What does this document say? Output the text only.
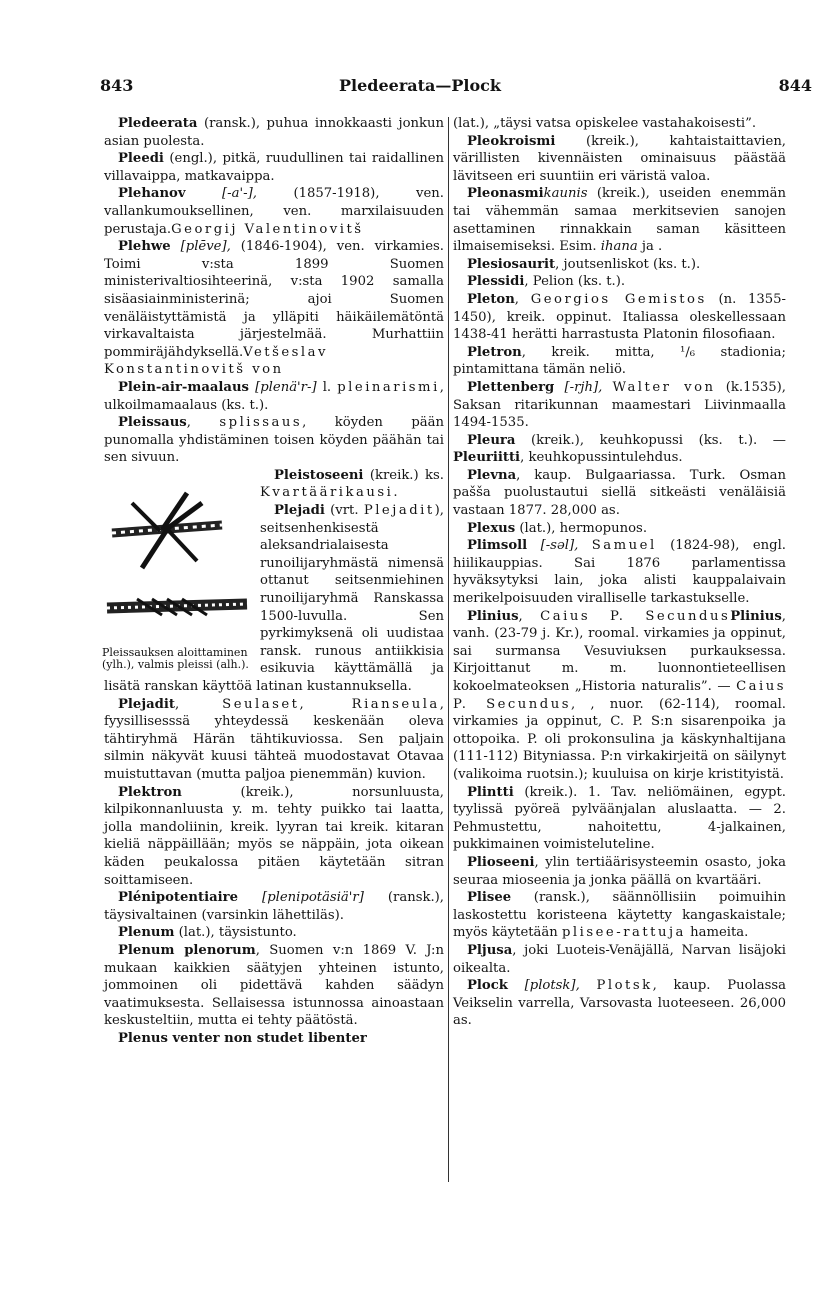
843	Pledeerata—Plock	844

Pledeerata (ransk.), puhua innokkaasti jonkun asian puolesta.

Pleedi (engl.), pitkä, ruudullinen tai raidallinen villavaippa, matkavaippa.

Plehanov [-a'-], (1857-1918), ven. vallankumouksellinen, ven. marxilaisuuden perustaja.Georgij Valentinovitš

Plehwe [plēve], (1846-1904), ven. virkamies. Toimi v:sta 1899 Suomen ministerivaltiosihteerinä, v:sta 1902 samalla sisäasiainministerinä; ajoi Suomen venäläistyttämistä ja ylläpiti häikäilemätöntä virkavaltaista järjestelmää. Murhattiin pommiräjähdyksellä.Vetšeslav Konstantinovitš von

Plein-air-maalaus [plenä'r-] l. pleinarismi, ulkoilmamaalaus (ks. t.).

Pleissaus, splissaus, köyden pään punomalla yhdistäminen toisen köyden päähän tai sen sivuun.

Pleissauksen aloittaminen (ylh.), valmis pleissi (alh.).

Pleistoseeni (kreik.) ks. Kvartäärikausi.

Plejadi (vrt. Plejadit), seitsenhenkisestä aleksandrialaisesta runoilijaryhmästä nimensä ottanut seitsenmiehinen runoilijaryhmä Ranskassa 1500-luvulla. Sen pyrkimyksenä oli uudistaa ransk. runous antiikkisia esikuvia käyttämällä ja lisätä ranskan käyttöä latinan kustannuksella.

Plejadit, Seulaset, Rianseula, fyysillisesssä yhteydessä keskenään oleva tähtiryhmä Härän tähtikuviossa. Sen paljain silmin näkyvät kuusi tähteä muodostavat Otavaa muistuttavan (mutta paljoa pienemmän) kuvion.

Plektron (kreik.), norsunluusta, kilpikonnanluusta y. m. tehty puikko tai laatta, jolla mandoliinin, kreik. lyyran tai kreik. kitaran kieliä näppäillään; myös se näppäin, jota oikean käden peukalossa pitäen käytetään sitran soittamiseen.

Plénipotentiaire [plenipotäsiä'r] (ransk.), täysivaltainen (varsinkin lähettiläs).

Plenum (lat.), täysistunto.

Plenum plenorum, Suomen v:n 1869 V. J:n mukaan kaikkien säätyjen yhteinen istunto, jommoinen oli pidettävä kahden säädyn vaatimuksesta. Sellaisessa istunnossa ainoastaan keskusteltiin, mutta ei tehty päätöstä.

Plenus venter non studet libenter

(lat.), „täysi vatsa opiskelee vastahakoisesti”.

Pleokroismi (kreik.), kahtaistaittavien, värillisten kivennäisten ominaisuus päästää lävitseen eri suuntiin eri väristä valoa.

Pleonasmikaunis (kreik.), useiden enemmän tai vähemmän samaa merkitsevien sanojen asettaminen rinnakkain saman käsitteen ilmaisemiseksi. Esim. ihana ja .

Plesiosaurit, joutsenliskot (ks. t.).

Plessidi, Pelion (ks. t.).

Pleton, Georgios Gemistos (n. 1355-1450), kreik. oppinut. Italiassa oleskellessaan 1438-41 herätti harrastusta Platonin filosofiaan.

Pletron, kreik. mitta, ¹/₆ stadionia; pintamittana tämän neliö.

Plettenberg [-rjh], Walter von (k.1535), Saksan ritarikunnan maamestari Liivinmaalla 1494-1535.

Pleura (kreik.), keuhkopussi (ks. t.). — Pleuriitti, keuhkopussintulehdus.

Plevna, kaup. Bulgaariassa. Turk. Osman pašša puolustautui siellä sitkeästi venäläisiä vastaan 1877. 28,000 as.

Plexus (lat.), hermopunos.

Plimsoll [-səl], Samuel (1824-98), engl. hiilikauppias. Sai 1876 parlamentissa hyväksytyksi lain, joka alisti kauppalaivain merikelpoisuuden viralliselle tarkastukselle.

Plinius, Caius P. SecundusPlinius, vanh. (23-79 j. Kr.), roomal. virkamies ja oppinut, sai surmansa Vesuviuksen purkauksessa. Kirjoittanut m. m. luonnontieteellisen kokoelmateoksen „Historia naturalis”. — Caius P. Secundus, , nuor. (62-114), roomal. virkamies ja oppinut, C. P. S:n sisarenpoika ja ottopoika. P. oli prokonsulina ja käskynhaltijana (111-112) Bityniassa. P:n virkakirjeitä on säilynyt (valikoima ruotsin.); kuuluisa on kirje kristityistä.

Plintti (kreik.). 1. Tav. neliömäinen, egypt. tyylissä pyöreä pylväänjalan aluslaatta. — 2. Pehmustettu, nahoitettu, 4-jalkainen, pukkimainen voimisteluteline.

Plioseeni, ylin tertiäärisysteemin osasto, joka seuraa mioseenia ja jonka päällä on kvartääri.

Plisee (ransk.), säännöllisiin poimuihin laskostettu koristeena käytetty kangaskaistale; myös käytetään plisee-rattuja hameita.

Pljusa, joki Luoteis-Venäjällä, Narvan lisäjoki oikealta.

Plock [plotsk], Plotsk, kaup. Puolassa Veikselin varrella, Varsovasta luoteeseen. 26,000 as.
